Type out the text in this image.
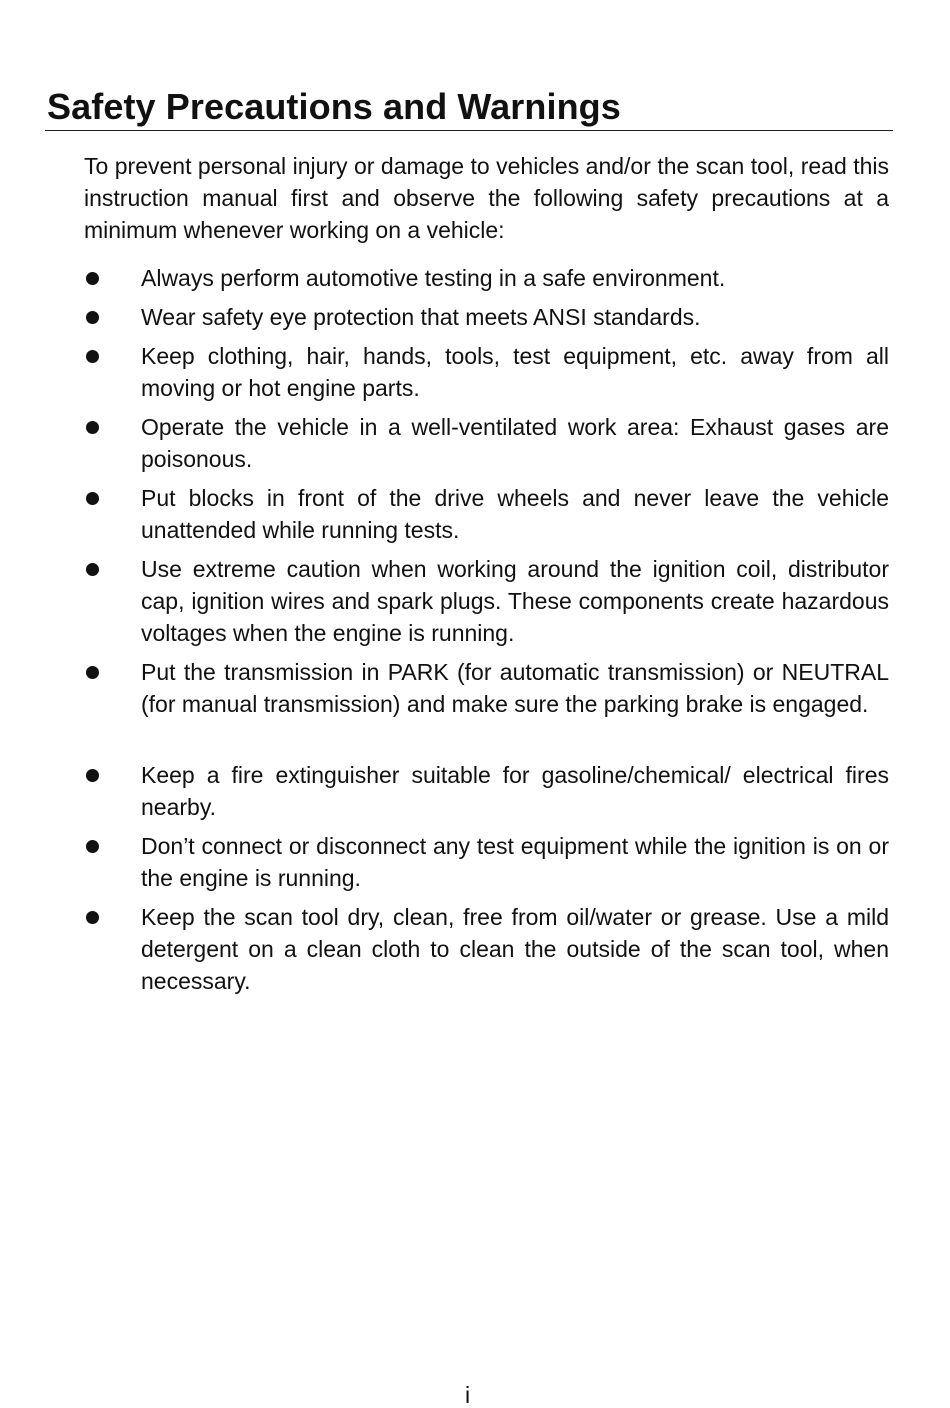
Safety Precautions and Warnings

To prevent personal injury or damage to vehicles and/or the scan tool, read this instruction manual first and observe the following safety precautions at a minimum whenever working on a vehicle:

Always perform automotive testing in a safe environment.
Wear safety eye protection that meets ANSI standards.
Keep clothing, hair, hands, tools, test equipment, etc. away from all moving or hot engine parts.
Operate the vehicle in a well-ventilated work area: Exhaust gases are poisonous.
Put blocks in front of the drive wheels and never leave the vehicle unattended while running tests.
Use extreme caution when working around the ignition coil, distributor cap, ignition wires and spark plugs. These components create hazardous voltages when the engine is running.
Put the transmission in PARK (for automatic transmission) or NEUTRAL (for manual transmission) and make sure the parking brake is engaged.
Keep a fire extinguisher suitable for gasoline/chemical/ electrical fires nearby.
Don’t connect or disconnect any test equipment while the ignition is on or the engine is running.
Keep the scan tool dry, clean, free from oil/water or grease. Use a mild detergent on a clean cloth to clean the outside of the scan tool, when necessary.
i
